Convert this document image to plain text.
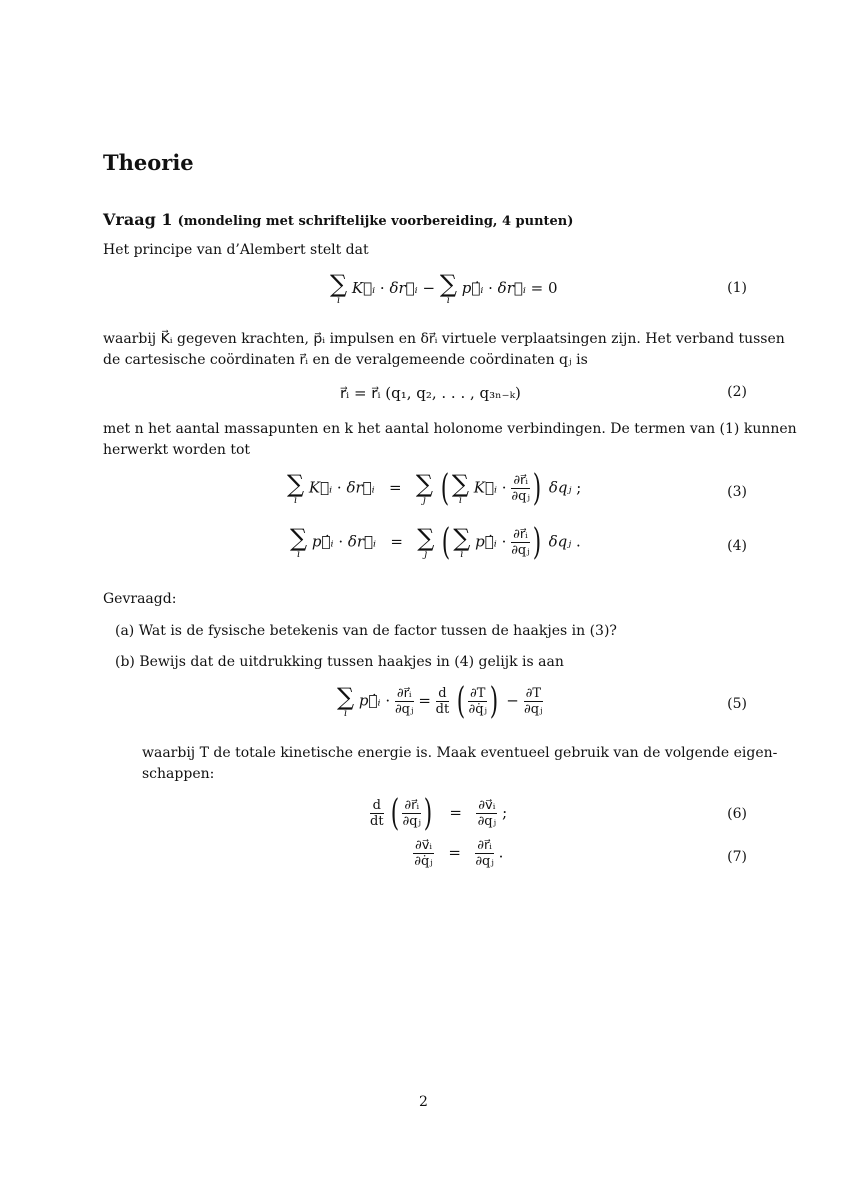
Theorie
Vraag 1 (mondeling met schriftelijke voorbereiding, 4 punten)
Het principe van d’Alembert stelt dat
∑
i
K⃗ᵢ · δr⃗ᵢ − ∑
i
p⃗̇ᵢ · δr⃗ᵢ = 0	(1)
waarbij K⃗ᵢ gegeven krachten, p⃗ᵢ impulsen en δr⃗ᵢ virtuele verplaatsingen zijn. Het verband tussen
de cartesische coördinaten r⃗ᵢ en de veralgemeende coördinaten qⱼ is
r⃗ᵢ = r⃗ᵢ (q₁, q₂, . . . , q₃ₙ₋ₖ)	(2)
met n het aantal massapunten en k het aantal holonome verbindingen. De termen van (1) kunnen
herwerkt worden tot
∑
i
K⃗ᵢ · δr⃗ᵢ   = ∑
j ( ∑
i
K⃗ᵢ · $\frac{\text{∂r⃗ᵢ}}{\text{∂qⱼ}}$ ) δqⱼ ;	(3)
∑
i
p⃗̇ᵢ · δr⃗ᵢ   = ∑
j ( ∑
i
p⃗̇ᵢ · $\frac{\text{∂r⃗ᵢ}}{\text{∂qⱼ}}$ ) δqⱼ .	(4)
Gevraagd:
(a) Wat is de fysische betekenis van de factor tussen de haakjes in (3)?
(b) Bewijs dat de uitdrukking tussen haakjes in (4) gelijk is aan
∑
i
p⃗̇ᵢ · $\frac{\text{∂r⃗ᵢ}}{\text{∂qⱼ}} = \frac{d}{dt}$ ( $\frac{\partial T}{\text{∂q̇ⱼ}}$ ) − $\frac{\partial T}{\text{∂qⱼ}}$	(5)
waarbij T de totale kinetische energie is. Maak eventueel gebruik van de volgende eigen-
schappen:
$\frac{d}{dt}$ ( $\frac{\text{∂r⃗ᵢ}}{\text{∂qⱼ}}$ )   = $\frac{\text{∂v⃗ᵢ}}{\text{∂qⱼ}}$ ;	(6)
$\frac{\text{∂v⃗ᵢ}}{\text{∂q̇ⱼ}} = \frac{\text{∂r⃗ᵢ}}{\text{∂qⱼ}}$ .	(7)
2
